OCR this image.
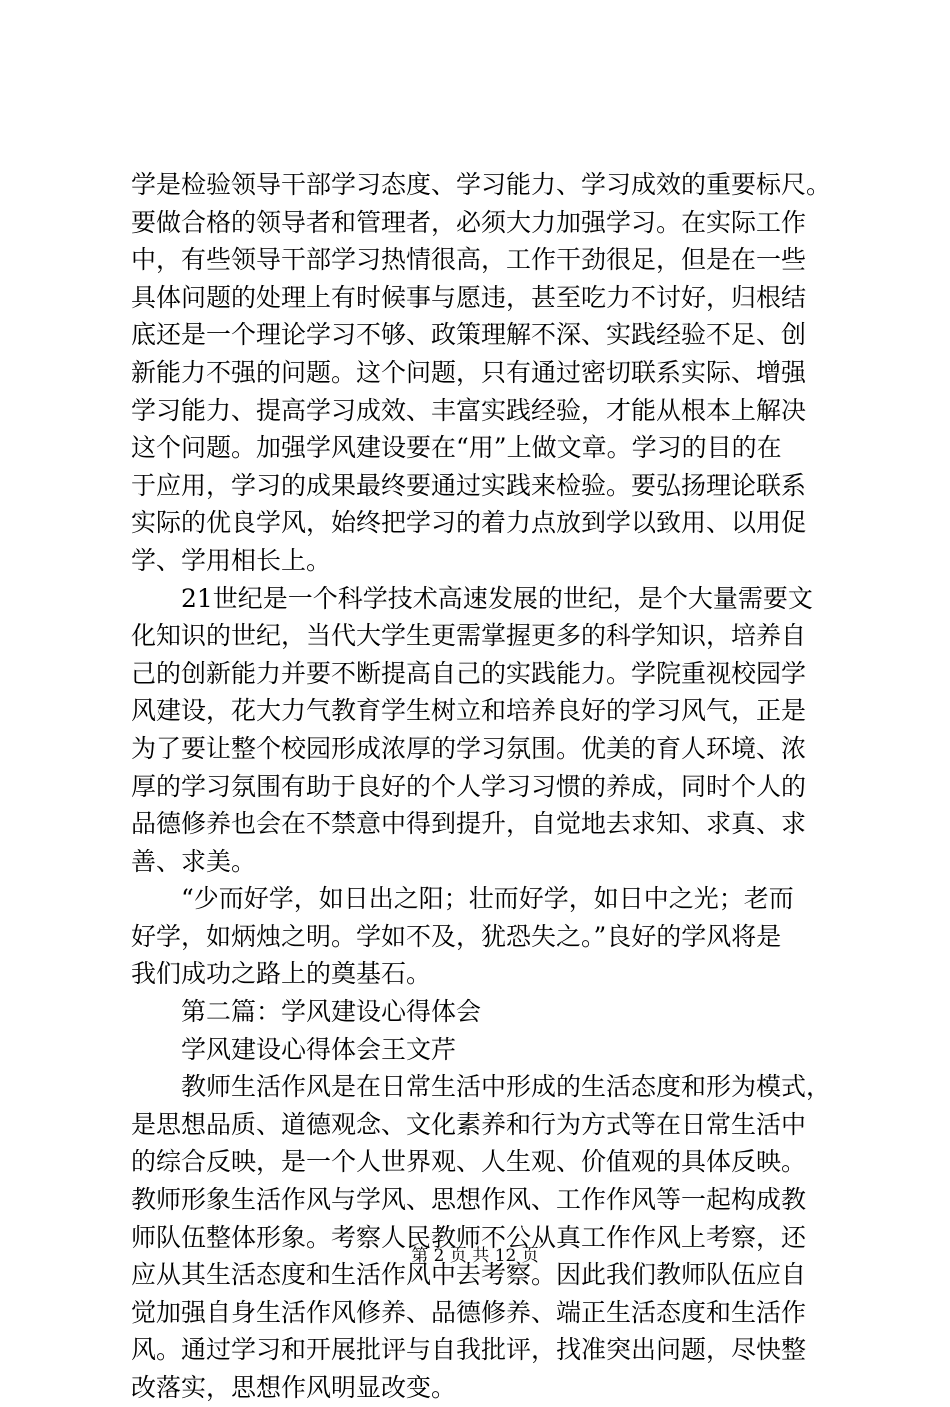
学是检验领导干部学习态度、学习能力、学习成效的重要标尺。
要做合格的领导者和管理者，必须大力加强学习。在实际工作
中，有些领导干部学习热情很高，工作干劲很足，但是在一些
具体问题的处理上有时候事与愿违，甚至吃力不讨好，归根结
底还是一个理论学习不够、政策理解不深、实践经验不足、创
新能力不强的问题。这个问题，只有通过密切联系实际、增强
学习能力、提高学习成效、丰富实践经验，才能从根本上解决
这个问题。加强学风建设要在“用”上做文章。学习的目的在
于应用，学习的成果最终要通过实践来检验。要弘扬理论联系
实际的优良学风，始终把学习的着力点放到学以致用、以用促
学、学用相长上。
21世纪是一个科学技术高速发展的世纪，是个大量需要文
化知识的世纪，当代大学生更需掌握更多的科学知识，培养自
己的创新能力并要不断提高自己的实践能力。学院重视校园学
风建设，花大力气教育学生树立和培养良好的学习风气，正是
为了要让整个校园形成浓厚的学习氛围。优美的育人环境、浓
厚的学习氛围有助于良好的个人学习习惯的养成，同时个人的
品德修养也会在不禁意中得到提升，自觉地去求知、求真、求
善、求美。
“少而好学，如日出之阳；壮而好学，如日中之光；老而
好学，如炳烛之明。学如不及，犹恐失之。”良好的学风将是
我们成功之路上的奠基石。
第二篇：学风建设心得体会
学风建设心得体会王文芹
教师生活作风是在日常生活中形成的生活态度和形为模式，
是思想品质、道德观念、文化素养和行为方式等在日常生活中
的综合反映，是一个人世界观、人生观、价值观的具体反映。
教师形象生活作风与学风、思想作风、工作作风等一起构成教
师队伍整体形象。考察人民教师不公从真工作作风上考察，还
应从其生活态度和生活作风中去考察。因此我们教师队伍应自
觉加强自身生活作风修养、品德修养、端正生活态度和生活作
风。通过学习和开展批评与自我批评，找准突出问题，尽快整
改落实，思想作风明显改变。
第 2 页 共 12 页
